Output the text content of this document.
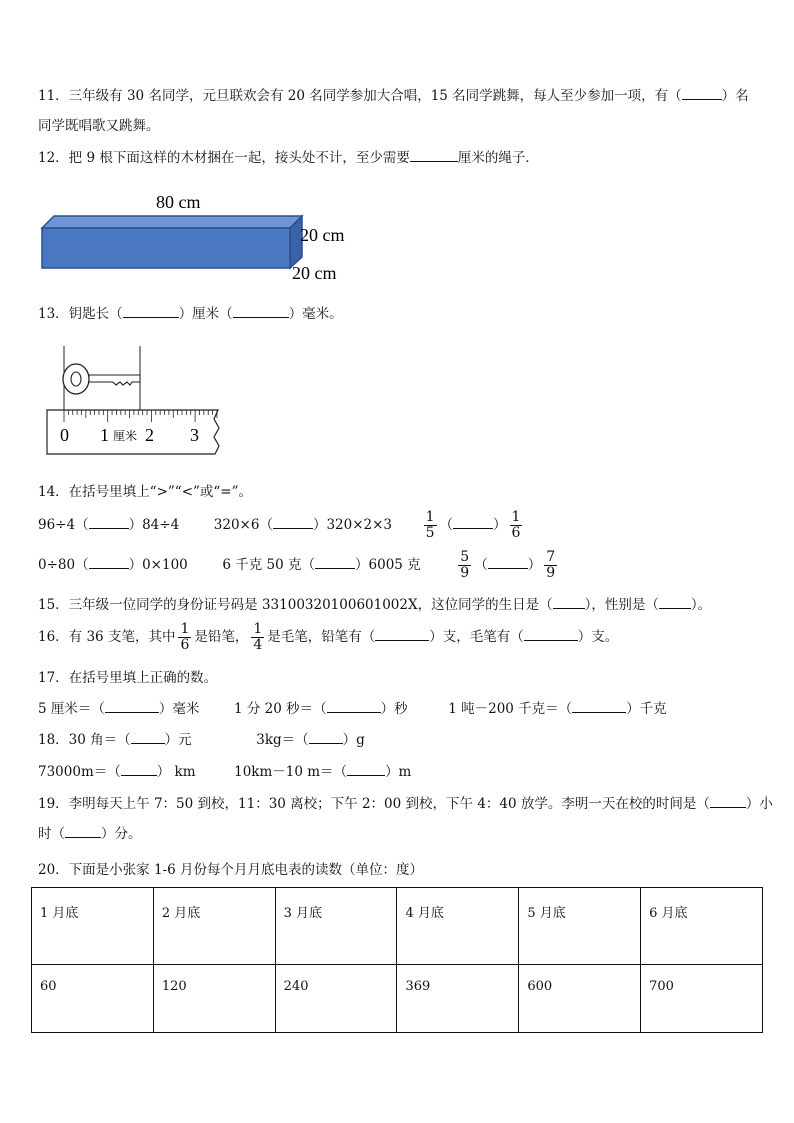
11．三年级有 30 名同学，元旦联欢会有 20 名同学参加大合唱，15 名同学跳舞，每人至少参加一项，有（	）名
同学既唱歌又跳舞。
12．把 9 根下面这样的木材捆在一起，接头处不计，至少需要	厘米的绳子．
80 cm
20 cm
20 cm
13．钥匙长（	）厘米（	）毫米。
0 1 厘米 2 3
14．在括号里填上“>”“<”或“=”。
96÷4（	）84÷4	320×6（	）$320\times 2\times 3 \frac{1}{5}$ （	） $\frac{1}{6}$
0÷80（	）0×100	6 千克 50 克（	）6005 克	$\frac{5}{9}$ （	） $\frac{7}{9}$
15．三年级一位同学的身份证号码是 33100320100601002X，这位同学的生日是（ ），性别是（ ）。
16．有 36 支笔，其中 $\frac{1}{6}$ 是铅笔， $\frac{1}{4}$ 是毛笔，铅笔有（	）支，毛笔有（	）支。
17．在括号里填上正确的数。
5 厘米＝（	）毫米	1 分 20 秒＝（	）秒	1 吨－200 千克＝（	）千克
18．30 角＝（	）元	3kg＝（	）g
73000m＝（	） km	10km－10 m＝（	）m
19．李明每天上午 7：50 到校，11：30 离校；下午 2：00 到校，下午 4：40 放学。李明一天在校的时间是（	）小
时（	）分。
20．下面是小张家 1-6 月份每个月月底电表的读数（单位：度）
1 月底	2 月底	3 月底	4 月底	5 月底	6 月底
60	120	240	369	600	700
